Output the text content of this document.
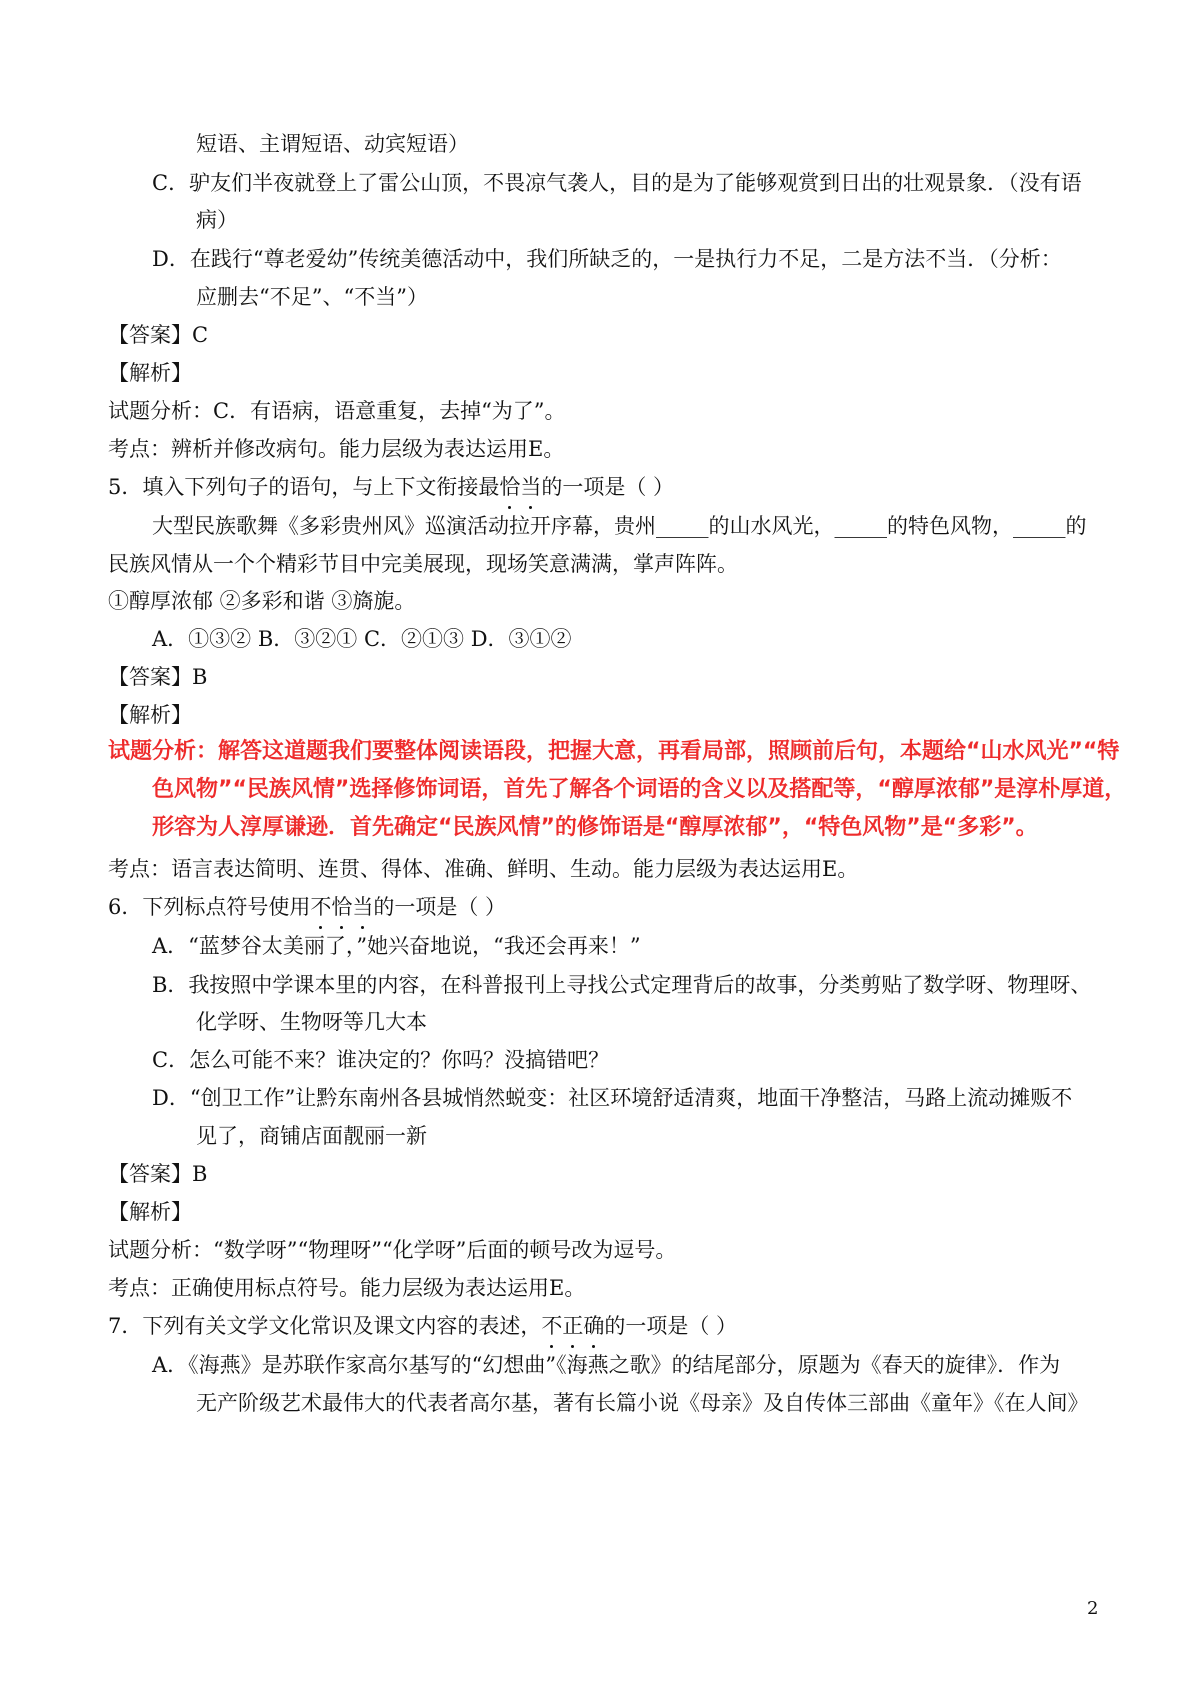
短语、主谓短语、动宾短语）

C．驴友们半夜就登上了雷公山顶，不畏凉气袭人，目的是为了能够观赏到日出的壮观景象．（没有语

病）

D．在践行“尊老爱幼”传统美德活动中，我们所缺乏的，一是执行力不足，二是方法不当．（分析：

应删去“不足”、“不当”）

【答案】C

【解析】

试题分析：C．有语病，语意重复，去掉“为了”。

考点：辨析并修改病句。能力层级为表达运用E。

5．填入下列句子的语句，与上下文衔接最恰当的一项是（ ）

大型民族歌舞《多彩贵州风》巡演活动拉开序幕，贵州_____的山水风光，_____的特色风物，_____的

民族风情从一个个精彩节目中完美展现，现场笑意满满，掌声阵阵。

①醇厚浓郁 ②多彩和谐 ③旖旎。

A．①③② B．③②① C．②①③ D．③①②

【答案】B

【解析】

试题分析：解答这道题我们要整体阅读语段，把握大意，再看局部，照顾前后句，本题给“山水风光”“特

色风物”“民族风情”选择修饰词语，首先了解各个词语的含义以及搭配等，“醇厚浓郁”是淳朴厚道，

形容为人淳厚谦逊．首先确定“民族风情”的修饰语是“醇厚浓郁”，“特色风物”是“多彩”。

考点：语言表达简明、连贯、得体、准确、鲜明、生动。能力层级为表达运用E。

6．下列标点符号使用不恰当的一项是（ ）

A．“蓝梦谷太美丽了，”她兴奋地说，“我还会再来！”

B．我按照中学课本里的内容，在科普报刊上寻找公式定理背后的故事，分类剪贴了数学呀、物理呀、

化学呀、生物呀等几大本

C．怎么可能不来？谁决定的？你吗？没搞错吧？

D．“创卫工作”让黔东南州各县城悄然蜕变：社区环境舒适清爽，地面干净整洁，马路上流动摊贩不

见了，商铺店面靓丽一新

【答案】B

【解析】

试题分析：“数学呀”“物理呀”“化学呀”后面的顿号改为逗号。

考点：正确使用标点符号。能力层级为表达运用E。

7．下列有关文学文化常识及课文内容的表述，不正确的一项是（ ）

A．《海燕》是苏联作家高尔基写的“幻想曲”《海燕之歌》的结尾部分，原题为《春天的旋律》．作为

无产阶级艺术最伟大的代表者高尔基，著有长篇小说《母亲》及自传体三部曲《童年》《在人间》

2
